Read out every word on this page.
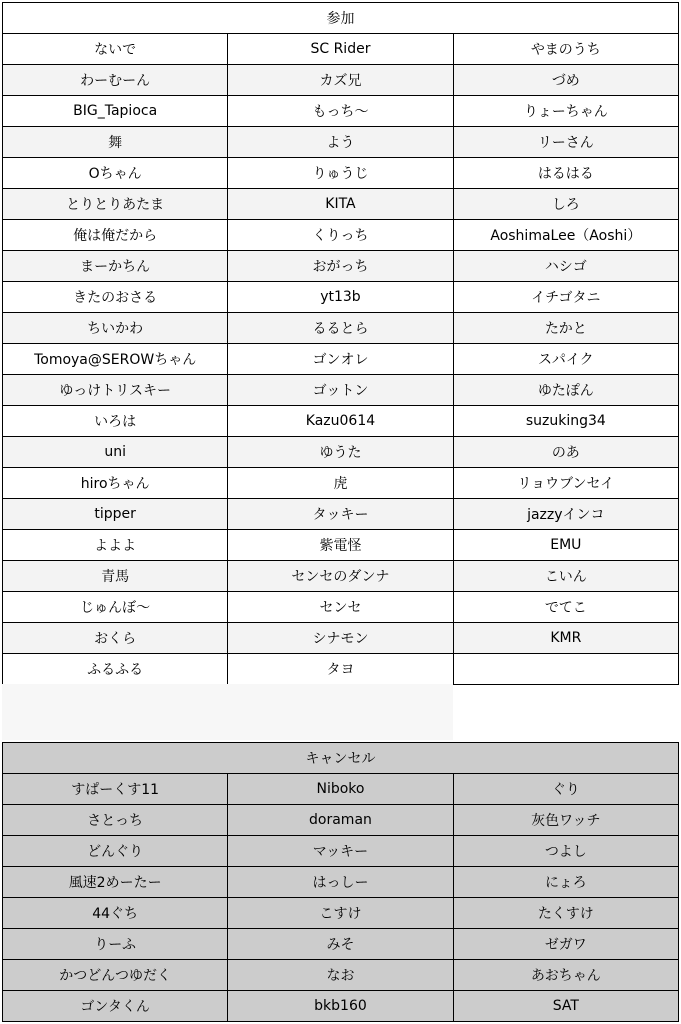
参加		
ないで	SC Rider	やまのうち
わーむーん	カズ兄	づめ
BIG_Tapioca	もっち〜	りょーちゃん
舞	よう	リーさん
Oちゃん	りゅうじ	はるはる
とりとりあたま	KITA	しろ
俺は俺だから	くりっち	AoshimaLee（Aoshi）
まーかちん	おがっち	ハシゴ
きたのおさる	yt13b	イチゴタニ
ちいかわ	るるとら	たかと
Tomoya@SEROWちゃん	ゴンオレ	スパイク
ゆっけトリスキー	ゴットン	ゆたぽん
いろは	Kazu0614	suzuking34
uni	ゆうた	のあ
hiroちゃん	虎	リョウブンセイ
tipper	タッキー	jazzyインコ
よよよ	紫電怪	EMU
青馬	センセのダンナ	こいん
じゅんぼ〜	センセ	でてこ
おくら	シナモン	KMR
ふるふる	タヨ	
キャンセル		
すぱーくす11	Niboko	ぐり
さとっち	doraman	灰色ワッチ
どんぐり	マッキー	つよし
風速2めーたー	はっしー	にょろ
44ぐち	こすけ	たくすけ
りーふ	みそ	ゼガワ
かつどんつゆだく	なお	あおちゃん
ゴンタくん	bkb160	SAT
